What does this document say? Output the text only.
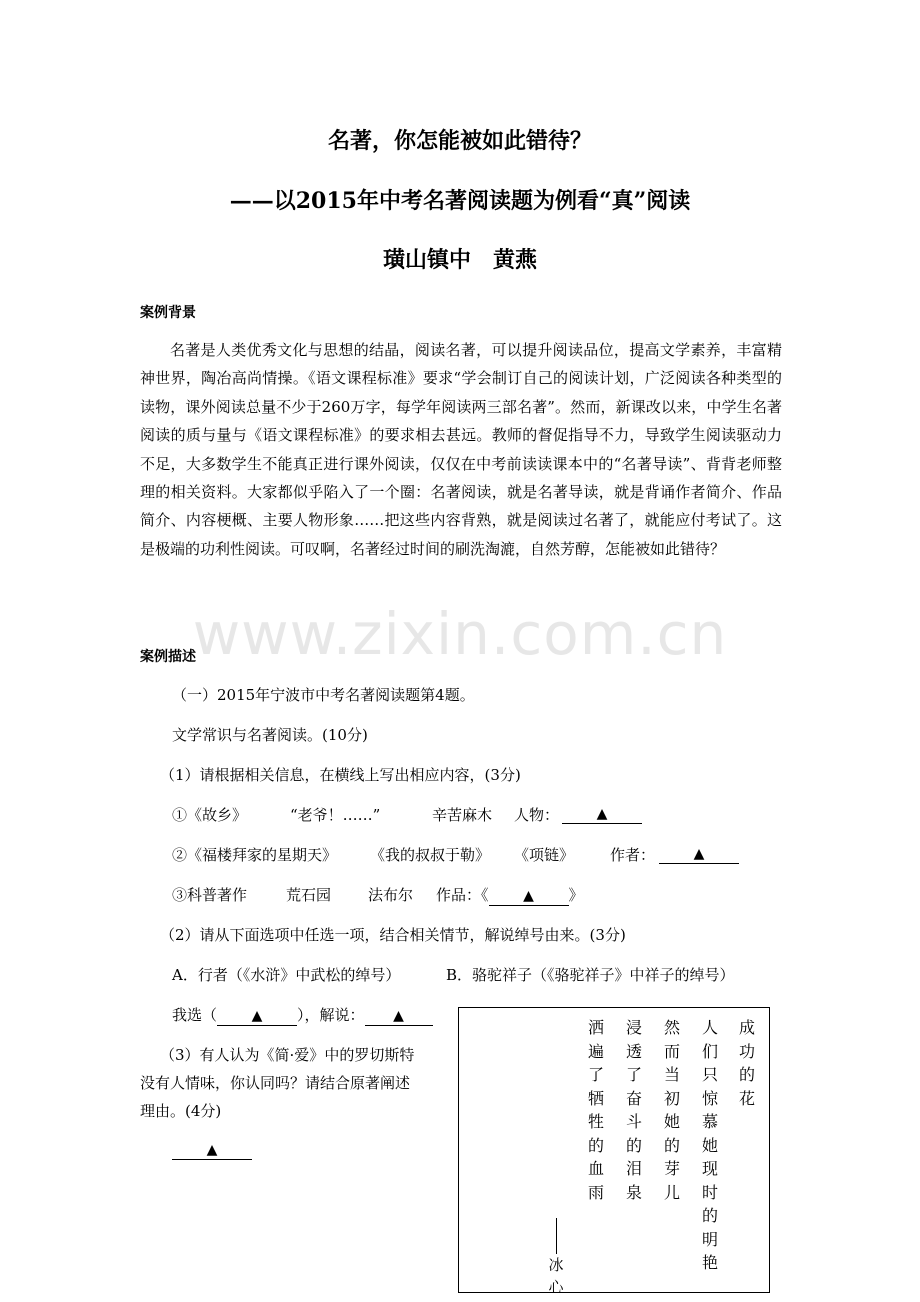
www.zixin.com.cn
名著，你怎能被如此错待？
——以2015年中考名著阅读题为例看“真”阅读
璜山镇中　黄燕
案例背景

名著是人类优秀文化与思想的结晶，阅读名著，可以提升阅读品位，提高文学素养，丰富精神世界，陶冶高尚情操。《语文课程标准》要求“学会制订自己的阅读计划，广泛阅读各种类型的读物，课外阅读总量不少于260万字，每学年阅读两三部名著”。然而，新课改以来，中学生名著阅读的质与量与《语文课程标准》的要求相去甚远。教师的督促指导不力，导致学生阅读驱动力不足，大多数学生不能真正进行课外阅读，仅仅在中考前读读课本中的“名著导读”、背背老师整理的相关资料。大家都似乎陷入了一个圈：名著阅读，就是名著导读，就是背诵作者简介、作品简介、内容梗概、主要人物形象……把这些内容背熟，就是阅读过名著了，就能应付考试了。这是极端的功利性阅读。可叹啊，名著经过时间的刷洗淘漉，自然芳醇，怎能被如此错待？

案例描述
（一）2015年宁波市中考名著阅读题第4题。
文学常识与名著阅读。(10分)
（1）请根据相关信息，在横线上写出相应内容，(3分)
①《故乡》	“老爷！……”	辛苦麻木 人物：	▲
②《福楼拜家的星期天》 《我的叔叔于勒》 《项链》 作者：	▲
③科普著作	荒石园 法布尔 作品：《 ▲ 》
（2）请从下面选项中任选一项，结合相关情节，解说绰号由来。(3分)
A．行者（《水浒》中武松的绰号）	B．骆驼祥子（《骆驼祥子》中祥子的绰号）
我选（ ▲ ），解说： ▲
（3）有人认为《简·爱》中的罗切斯特
没有人情味，你认同吗？请结合原著阐述
理由。(4分)
▲
成功的花
人们只惊慕她现时的明艳
然而当初她的芽儿
浸透了奋斗的泪泉
洒遍了牺牲的血雨
冰心
